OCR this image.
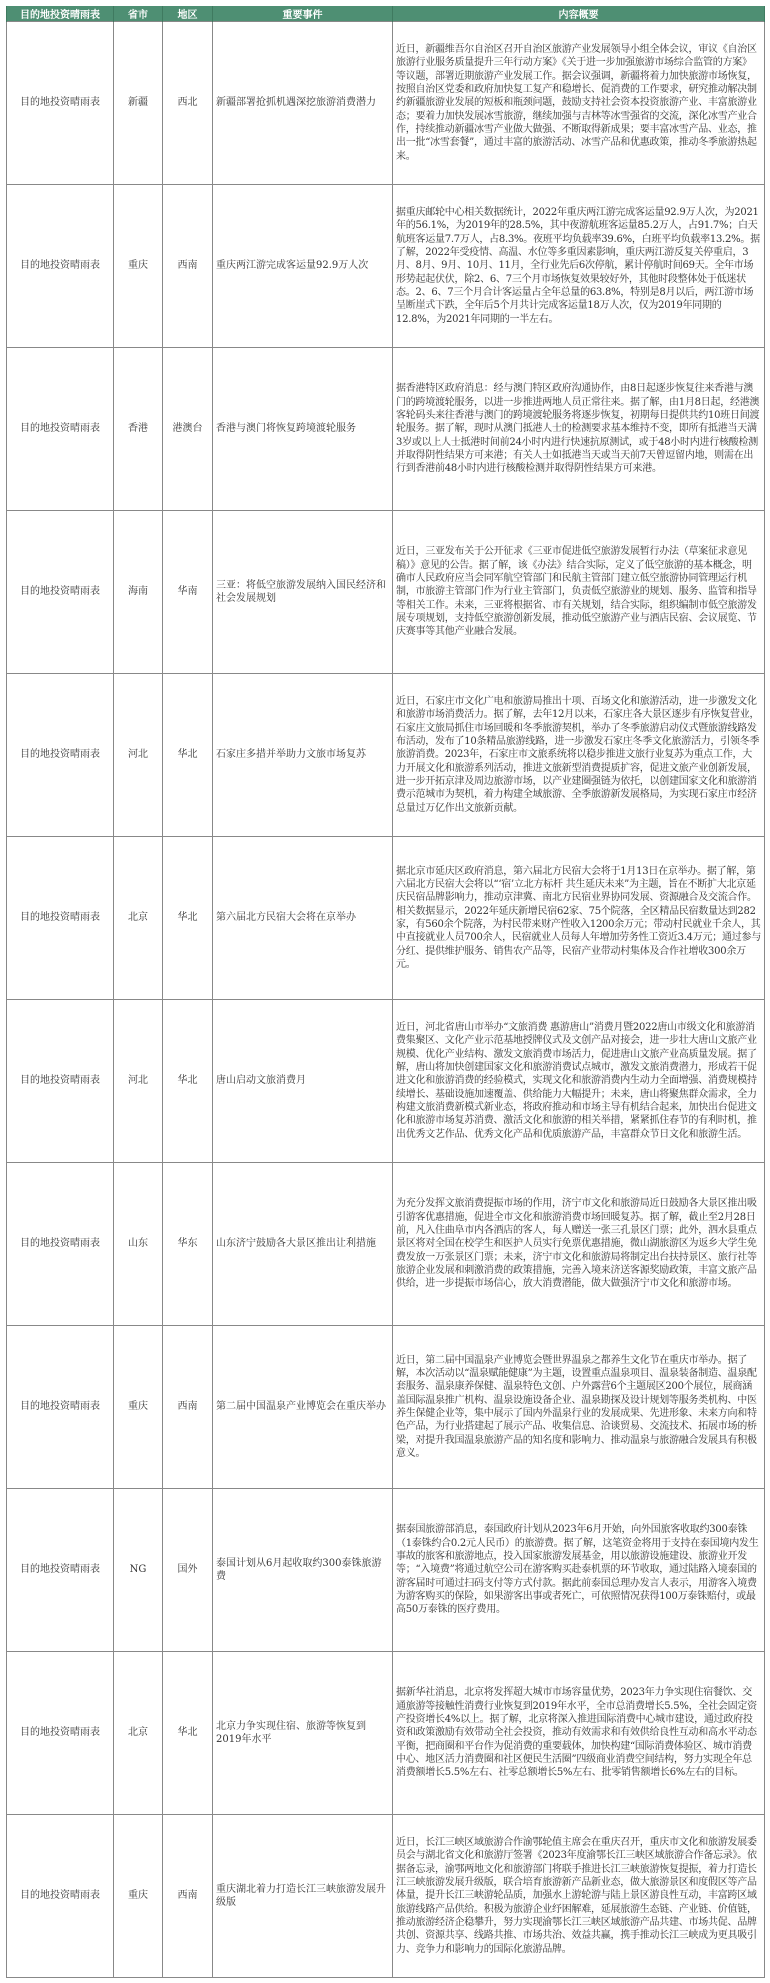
目的地投资晴雨表	省市	地区	重要事件	内容概要
目的地投资晴雨表	新疆	西北	新疆部署抢抓机遇深挖旅游消费潜力	近日，新疆维吾尔自治区召开自治区旅游产业发展领导小组全体会议，审议《自治区旅游行业服务质量提升三年行动方案》《关于进一步加强旅游市场综合监管的方案》等议题，部署近期旅游产业发展工作。据会议强调，新疆将着力加快旅游市场恢复，按照自治区党委和政府加快复工复产和稳增长、促消费的工作要求，研究推动解决制约新疆旅游业发展的短板和瓶颈问题，鼓励支持社会资本投资旅游产业、丰富旅游业态；要着力加快发展冰雪旅游，继续加强与吉林等冰雪强省的交流，深化冰雪产业合作，持续推动新疆冰雪产业做大做强、不断取得新成果；要丰富冰雪产品、业态，推出一批“冰雪套餐”，通过丰富的旅游活动、冰雪产品和优惠政策，推动冬季旅游热起来。
目的地投资晴雨表	重庆	西南	重庆两江游完成客运量92.9万人次	据重庆邮轮中心相关数据统计，2022年重庆两江游完成客运量92.9万人次，为2021年的56.1%，为2019年的28.5%，其中夜游航班客运量85.2万人，占91.7%；白天航班客运量7.7万人，占8.3%。夜班平均负载率39.6%，白班平均负载率13.2%。据了解，2022年受疫情、高温、水位等多重因素影响，重庆两江游反复关停重启，3月、8月、9月、10月、11月，全行业先后6次停航，累计停航时间69天。全年市场形势起起伏伏，除2、6、7三个月市场恢复效果较好外，其他时段整体处于低迷状态。2、6、7三个月合计客运量占全年总量的63.8%，特别是8月以后，两江游市场呈断崖式下跌，全年后5个月共计完成客运量18万人次，仅为2019年同期的12.8%，为2021年同期的一半左右。
目的地投资晴雨表	香港	港澳台	香港与澳门将恢复跨境渡轮服务	据香港特区政府消息：经与澳门特区政府沟通协作，由8日起逐步恢复往来香港与澳门的跨境渡轮服务，以进一步推进两地人员正常往来。据了解，由1月8日起，经港澳客轮码头来往香港与澳门的跨境渡轮服务将逐步恢复，初期每日提供共约10班日间渡轮服务。据了解，现时从澳门抵港人士的检测要求基本维持不变，即所有抵港当天满3岁或以上人士抵港时间前24小时内进行快速抗原测试，或于48小时内进行核酸检测并取得阴性结果方可来港；有关人士如抵港当天或当天前7天曾逗留内地，则需在出行到香港前48小时内进行核酸检测并取得阴性结果方可来港。
目的地投资晴雨表	海南	华南	三亚：将低空旅游发展纳入国民经济和社会发展规划	近日，三亚发布关于公开征求《三亚市促进低空旅游发展暂行办法（草案征求意见稿）》意见的公告。据了解，该《办法》结合实际，定义了低空旅游的基本概念，明确市人民政府应当会同军航空管部门和民航主管部门建立低空旅游协同管理运行机制，市旅游主管部门作为行业主管部门，负责低空旅游业的规划、服务、监管和指导等相关工作。未来，三亚将根据省、市有关规划，结合实际，组织编制市低空旅游发展专项规划，支持低空旅游创新发展，推动低空旅游产业与酒店民宿、会议展览、节庆赛事等其他产业融合发展。
目的地投资晴雨表	河北	华北	石家庄多措并举助力文旅市场复苏	近日，石家庄市文化广电和旅游局推出十项、百场文化和旅游活动，进一步激发文化和旅游市场消费活力。据了解，去年12月以来，石家庄各大景区逐步有序恢复营业，石家庄文旅局抓住市场回暖和冬季旅游契机，举办了冬季旅游启动仪式暨旅游线路发布活动，发布了10条精品旅游线路，进一步激发石家庄冬季文化旅游活力，引领冬季旅游消费。2023年，石家庄市文旅系统将以稳步推进文旅行业复苏为重点工作，大力开展文化和旅游系列活动，推进文旅新型消费提质扩容，促进文旅产业创新发展，进一步开拓京津及周边旅游市场，以产业建圈强链为依托，以创建国家文化和旅游消费示范城市为契机，着力构建全域旅游、全季旅游新发展格局，为实现石家庄市经济总量过万亿作出文旅新贡献。
目的地投资晴雨表	北京	华北	第六届北方民宿大会将在京举办	据北京市延庆区政府消息，第六届北方民宿大会将于1月13日在京举办。据了解，第六届北方民宿大会将以“‘宿’立北方标杆 共生延庆未来”为主题，旨在不断扩大北京延庆民宿品牌影响力，推动京津冀、南北方民宿业界协同发展、资源融合及交流合作。相关数据显示，2022年延庆新增民宿62家、75个院落，全区精品民宿数量达到282家，有560余个院落，为村民带来财产性收入1200余万元；带动村民就业千余人，其中直接就业人员700余人，民宿就业人员每人年增加劳务性工资近3.4万元；通过参与分红、提供维护服务、销售农产品等，民宿产业带动村集体及合作社增收300余万元。
目的地投资晴雨表	河北	华北	唐山启动文旅消费月	近日，河北省唐山市举办“文旅消费 惠游唐山”消费月暨2022唐山市级文化和旅游消费集聚区、文化产业示范基地授牌仪式及文创产品对接会，进一步壮大唐山文旅产业规模、优化产业结构、激发文旅消费市场活力，促进唐山文旅产业高质量发展。据了解，唐山将加快创建国家文化和旅游消费试点城市，激发文旅消费潜力，形成若干促进文化和旅游消费的经验模式，实现文化和旅游消费内生动力全面增强、消费规模持续增长、基础设施加速覆盖、供给能力大幅提升；未来，唐山将聚焦群众需求，全力构建文旅消费新模式新业态，将政府推动和市场主导有机结合起来，加快出台促进文化和旅游市场复苏消费、激活文化和旅游的相关举措，紧紧抓住春节的有利时机，推出优秀文艺作品、优秀文化产品和优质旅游产品，丰富群众节日文化和旅游生活。
目的地投资晴雨表	山东	华东	山东济宁鼓励各大景区推出让利措施	为充分发挥文旅消费提振市场的作用，济宁市文化和旅游局近日鼓励各大景区推出吸引游客优惠措施，促进全市文化和旅游消费市场回暖复苏。据了解，截止至2月28日前，凡入住曲阜市内各酒店的客人，每人赠送一张三孔景区门票；此外，泗水县重点景区将对全国在校学生和医护人员实行免票优惠措施，微山湖旅游区为返乡大学生免费发放一万张景区门票；未来，济宁市文化和旅游局将制定出台扶持景区、旅行社等旅游企业发展和刺激消费的政策措施，完善入境来济送客源奖励政策，丰富文旅产品供给，进一步提振市场信心，放大消费潜能，做大做强济宁市文化和旅游市场。
目的地投资晴雨表	重庆	西南	第二届中国温泉产业博览会在重庆举办	近日，第二届中国温泉产业博览会暨世界温泉之都养生文化节在重庆市举办。据了解，本次活动以“温泉赋能健康”为主题，设置重点温泉项目、温泉装备制造、温泉配套服务、温泉康养保健、温泉特色文创、户外露营6个主题展区200个展位，展商涵盖国际温泉推广机构、温泉设施设备企业、温泉勘探及设计规划等服务类机构、中医养生保健企业等，集中展示了国内外温泉行业的发展成果、先进形象、未来方向和特色产品，为行业搭建起了展示产品、收集信息、洽谈贸易、交流技术、拓展市场的桥梁，对提升我国温泉旅游产品的知名度和影响力、推动温泉与旅游融合发展具有积极意义。
目的地投资晴雨表	NG	国外	泰国计划从6月起收取约300泰铢旅游费	据泰国旅游部消息，泰国政府计划从2023年6月开始，向外国旅客收取约300泰铢（1泰铢约合0.2元人民币）的旅游费。据了解，这笔资金将用于支持在泰国境内发生事故的旅客和旅游地点，投入国家旅游发展基金，用以旅游设施建设、旅游业开发等；“入境费”将通过航空公司在游客购买赴泰机票的环节收取，通过陆路入境泰国的游客届时可通过扫码支付等方式付款。据此前泰国总理办发言人表示，用游客入境费为游客购买的保险，如果游客出事或者死亡，可依照情况获得100万泰铢赔付，或最高50万泰铢的医疗费用。
目的地投资晴雨表	北京	华北	北京力争实现住宿、旅游等恢复到2019年水平	据新华社消息，北京将发挥超大城市市场容量优势，2023年力争实现住宿餐饮、交通旅游等接触性消费行业恢复到2019年水平，全市总消费增长5.5%，全社会固定资产投资增长4%以上。据了解，北京将深入推进国际消费中心城市建设，通过政府投资和政策激励有效带动全社会投资，推动有效需求和有效供给良性互动和高水平动态平衡，把商圈和平台作为促消费的重要载体，加快构建“国际消费体验区、城市消费中心、地区活力消费圈和社区便民生活圈”四级商业消费空间结构，努力实现全年总消费额增长5.5%左右、社零总额增长5%左右、批零销售额增长6%左右的目标。
目的地投资晴雨表	重庆	西南	重庆湖北着力打造长江三峡旅游发展升级版	近日，长江三峡区域旅游合作渝鄂轮值主席会在重庆召开，重庆市文化和旅游发展委员会与湖北省文化和旅游厅签署《2023年度渝鄂长江三峡区域旅游合作备忘录》。依据备忘录，渝鄂两地文化和旅游部门将联手推进长江三峡旅游恢复提振，着力打造长江三峡旅游发展升级版，联合培育旅游新产品新业态，做大旅游景区和度假区等产品体量，提升长江三峡游轮品质，加强水上游轮游与陆上景区游良性互动，丰富跨区域旅游线路产品供给。积极为旅游企业纾困解难，延展旅游生态链、产业链、价值链，推动旅游经济企稳攀升，努力实现渝鄂长江三峡区域旅游产品共建、市场共促、品牌共创、资源共享、线路共推、市场共治、效益共赢，携手推动长江三峡成为更具吸引力、竞争力和影响力的国际化旅游品牌。
